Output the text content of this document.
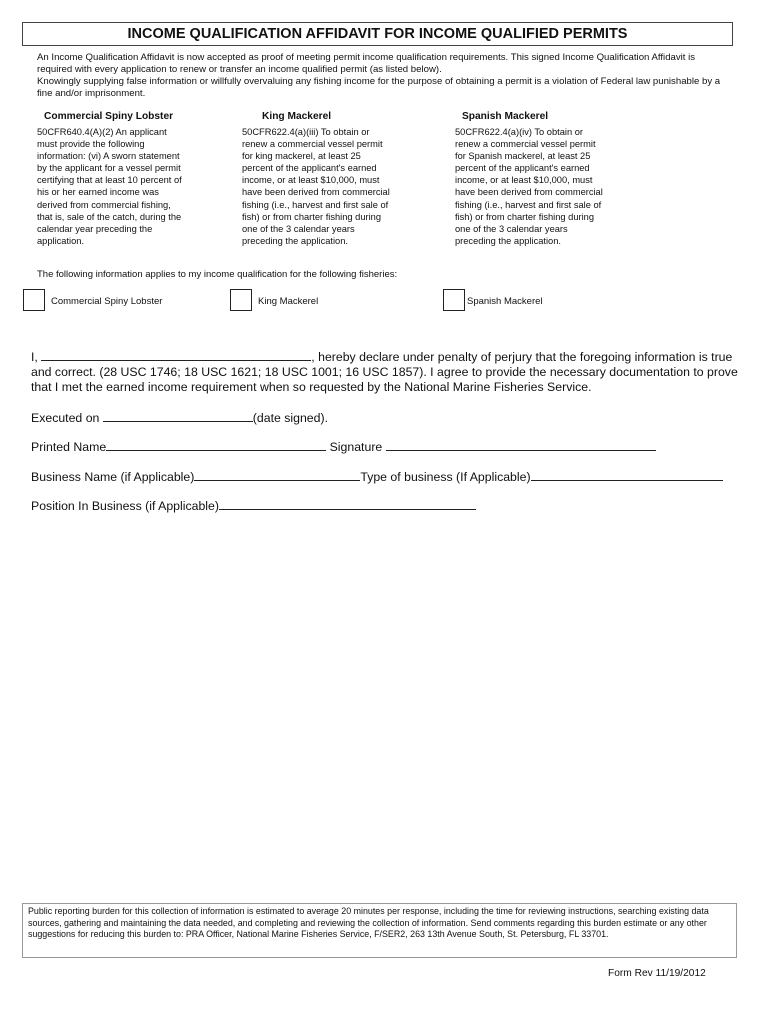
INCOME QUALIFICATION AFFIDAVIT FOR INCOME QUALIFIED PERMITS
An Income Qualification Affidavit is now accepted as proof of meeting permit income qualification requirements. This signed Income Qualification Affidavit is required with every application to renew or transfer an income qualified permit (as listed below).
Knowingly supplying false information or willfully overvaluing any fishing income for the purpose of obtaining a permit is a violation of Federal law punishable by a fine and/or imprisonment.
Commercial Spiny Lobster
50CFR640.4(A)(2) An applicant
must provide the following
information: (vi) A sworn statement
by the applicant for a vessel permit
certifying that at least 10 percent of
his or her earned income was
derived from commercial fishing,
that is, sale of the catch, during the
calendar year preceding the
application.
King Mackerel
50CFR622.4(a)(iii) To obtain or
renew a commercial vessel permit
for king mackerel, at least 25
percent of the applicant's earned
income, or at least $10,000, must
have been derived from commercial
fishing (i.e., harvest and first sale of
fish) or from charter fishing during
one of the 3 calendar years
preceding the application.
Spanish Mackerel
50CFR622.4(a)(iv) To obtain or
renew a commercial vessel permit
for Spanish mackerel, at least 25
percent of the applicant's earned
income, or at least $10,000, must
have been derived from commercial
fishing (i.e., harvest and first sale of
fish) or from charter fishing during
one of the 3 calendar years
preceding the application.
The following information applies to my income qualification for the following fisheries:
Commercial Spiny Lobster	King Mackerel	Spanish Mackerel
I,	, hereby declare under penalty of perjury that the foregoing information is true and correct. (28 USC 1746; 18 USC 1621; 18 USC 1001; 16 USC 1857). I agree to provide the necessary documentation to prove that I met the earned income requirement when so requested by the National Marine Fisheries Service.
Executed on	(date signed).
Printed Name	Signature
Business Name (if Applicable)	Type of business (If Applicable)
Position In Business (if Applicable)
Public reporting burden for this collection of information is estimated to average 20 minutes per response, including the time for reviewing instructions, searching existing data sources, gathering and maintaining the data needed, and completing and reviewing the collection of information. Send comments regarding this burden estimate or any other suggestions for reducing this burden to: PRA Officer, National Marine Fisheries Service, F/SER2, 263 13th Avenue South, St. Petersburg, FL 33701.
Form Rev 11/19/2012
